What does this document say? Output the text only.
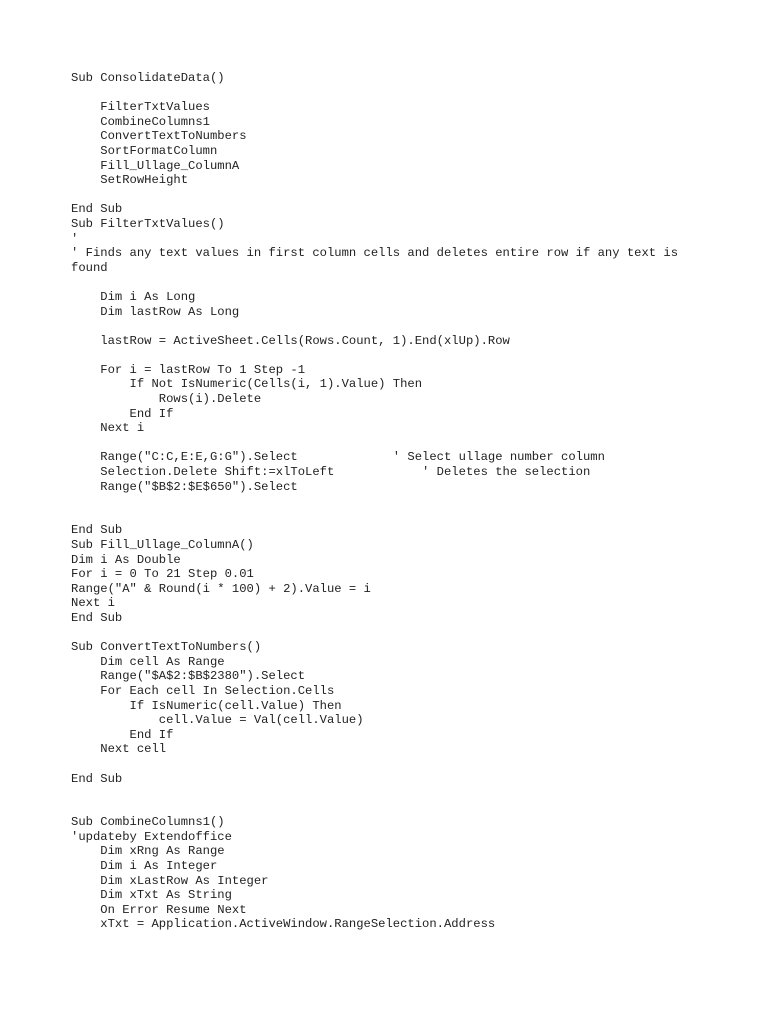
Sub ConsolidateData()
FilterTxtValues
CombineColumns1
ConvertTextToNumbers
SortFormatColumn
Fill_Ullage_ColumnA
SetRowHeight
End Sub
Sub FilterTxtValues()
'
' Finds any text values in first column cells and deletes entire row if any text is
found
Dim i As Long
Dim lastRow As Long
lastRow = ActiveSheet.Cells(Rows.Count, 1).End(xlUp).Row
For i = lastRow To 1 Step -1
If Not IsNumeric(Cells(i, 1).Value) Then
Rows(i).Delete
End If
Next i
Range("C:C,E:E,G:G").Select             ' Select ullage number column
Selection.Delete Shift:=xlToLeft            ' Deletes the selection
Range("$B$2:$E$650").Select
End Sub
Sub Fill_Ullage_ColumnA()
Dim i As Double
For i = 0 To 21 Step 0.01
Range("A" & Round(i * 100) + 2).Value = i
Next i
End Sub
Sub ConvertTextToNumbers()
Dim cell As Range
Range("$A$2:$B$2380").Select
For Each cell In Selection.Cells
If IsNumeric(cell.Value) Then
cell.Value = Val(cell.Value)
End If
Next cell
End Sub
Sub CombineColumns1()
'updateby Extendoffice
Dim xRng As Range
Dim i As Integer
Dim xLastRow As Integer
Dim xTxt As String
On Error Resume Next
xTxt = Application.ActiveWindow.RangeSelection.Address
